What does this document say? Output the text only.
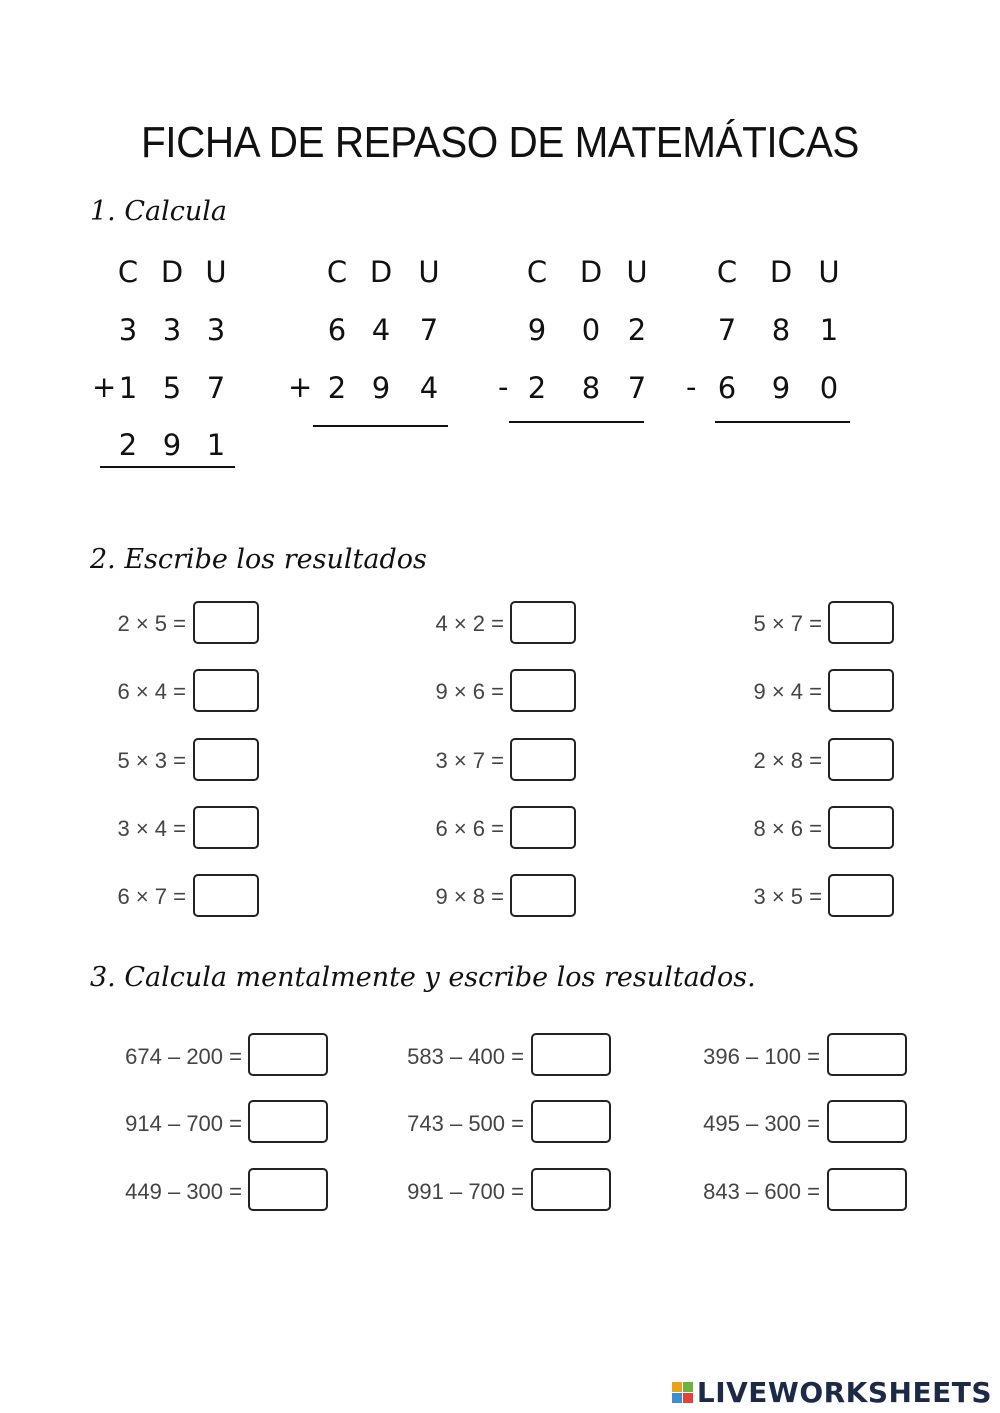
FICHA DE REPASO DE MATEMÁTICAS
1. Calcula
C
3
1
2
D
3
5
9
U
3
7
1
+
C
6
2
D
4
9
U
7
4
+
C
9
2
D
0
8
U
2
7
-
C
7
6
D
8
9
U
1
0
-
2. Escribe los resultados
2 × 5 =
6 × 4 =
5 × 3 =
3 × 4 =
6 × 7 =
4 × 2 =
9 × 6 =
3 × 7 =
6 × 6 =
9 × 8 =
5 × 7 =
9 × 4 =
2 × 8 =
8 × 6 =
3 × 5 =
3. Calcula mentalmente y escribe los resultados.
674 – 200 =
914 – 700 =
449 – 300 =
583 – 400 =
743 – 500 =
991 – 700 =
396 – 100 =
495 – 300 =
843 – 600 =
LIVEWORKSHEETS
